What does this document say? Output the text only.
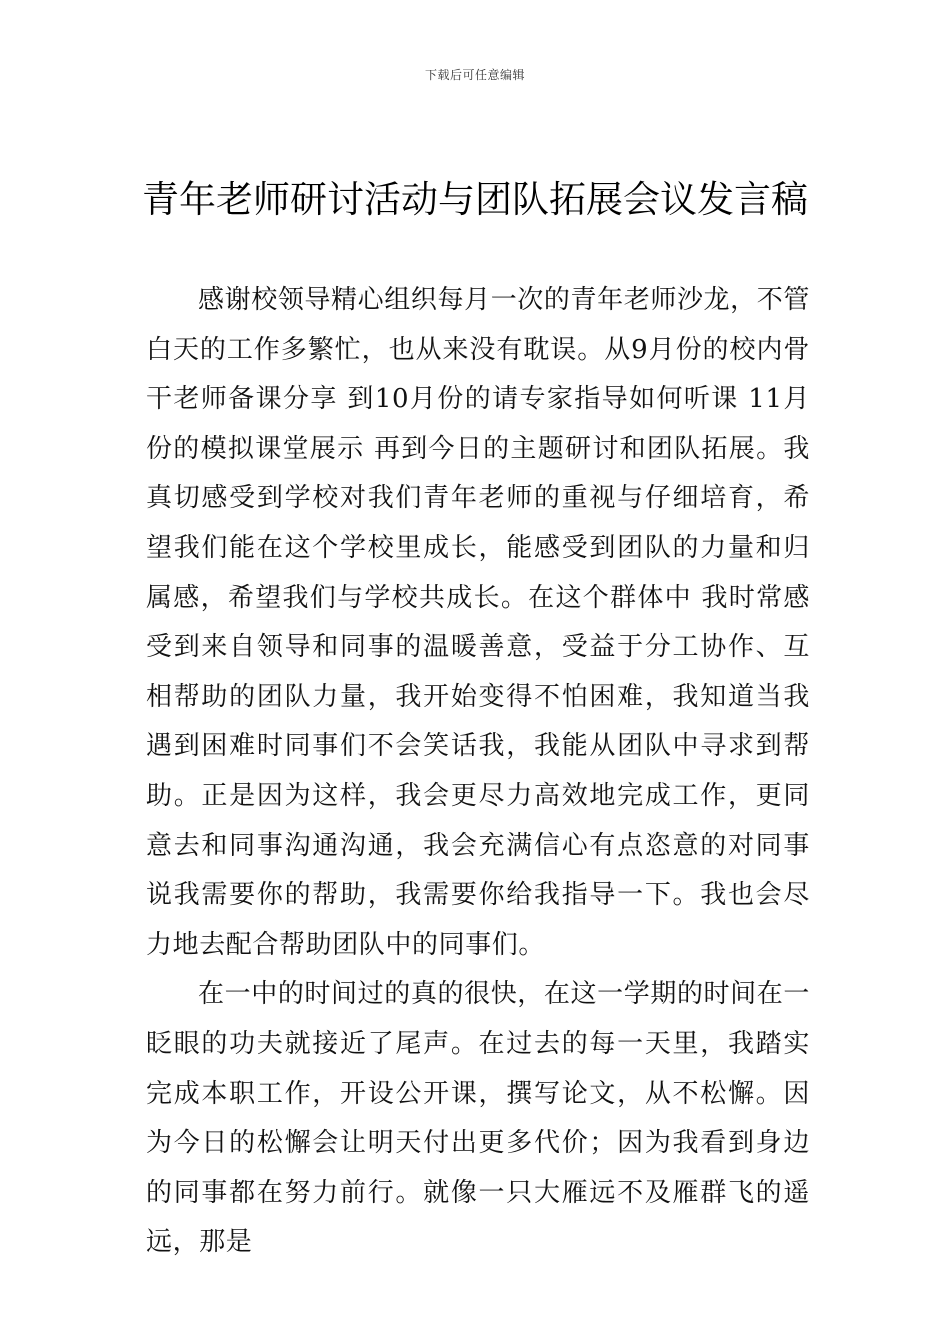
下载后可任意编辑
青年老师研讨活动与团队拓展会议发言稿

感谢校领导精心组织每月一次的青年老师沙龙，不管白天的工作多繁忙，也从来没有耽误。从9月份的校内骨干老师备课分享 到10月份的请专家指导如何听课 11月份的模拟课堂展示 再到今日的主题研讨和团队拓展。我真切感受到学校对我们青年老师的重视与仔细培育，希望我们能在这个学校里成长，能感受到团队的力量和归属感，希望我们与学校共成长。在这个群体中 我时常感受到来自领导和同事的温暖善意，受益于分工协作、互相帮助的团队力量，我开始变得不怕困难，我知道当我遇到困难时同事们不会笑话我，我能从团队中寻求到帮助。正是因为这样，我会更尽力高效地完成工作，更同意去和同事沟通沟通，我会充满信心有点恣意的对同事说我需要你的帮助，我需要你给我指导一下。我也会尽力地去配合帮助团队中的同事们。

在一中的时间过的真的很快，在这一学期的时间在一眨眼的功夫就接近了尾声。在过去的每一天里，我踏实完成本职工作，开设公开课，撰写论文，从不松懈。因为今日的松懈会让明天付出更多代价；因为我看到身边的同事都在努力前行。就像一只大雁远不及雁群飞的遥远，那是
